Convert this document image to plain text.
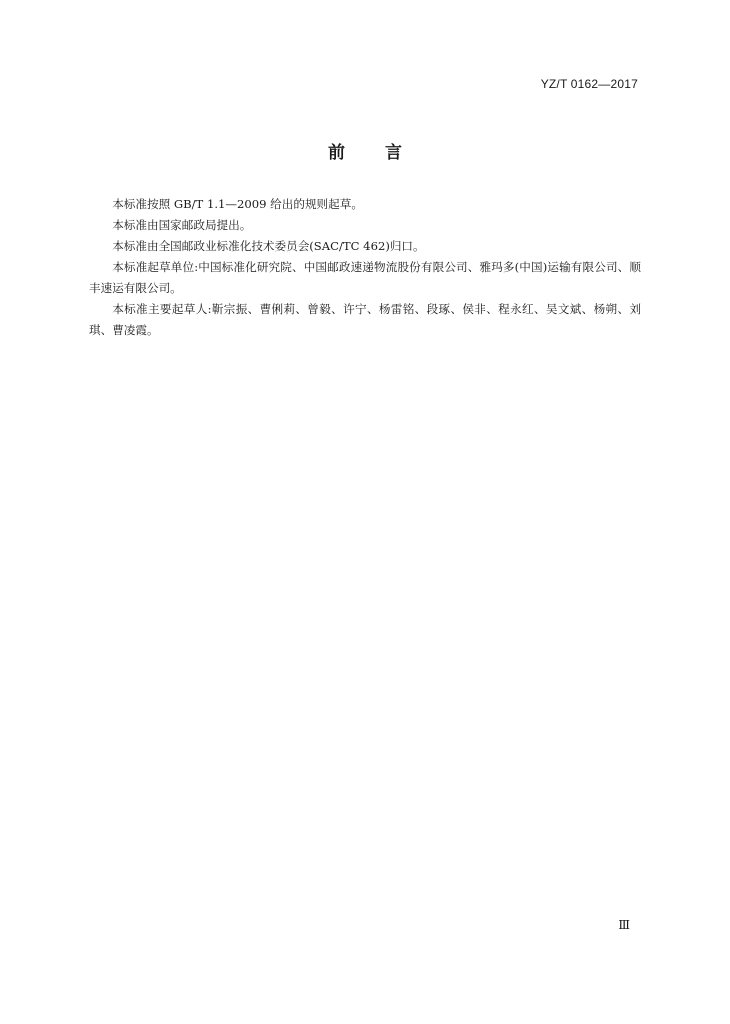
YZ/T 0162—2017
前言

本标准按照 GB/T 1.1—2009 给出的规则起草。

本标准由国家邮政局提出。

本标准由全国邮政业标准化技术委员会(SAC/TC 462)归口。

本标准起草单位:中国标准化研究院、中国邮政速递物流股份有限公司、雅玛多(中国)运输有限公司、顺丰速运有限公司。

本标准主要起草人:靳宗振、曹俐莉、曾毅、许宁、杨雷铭、段琢、侯非、程永红、吴文斌、杨朔、刘琪、曹凌霞。

Ⅲ
